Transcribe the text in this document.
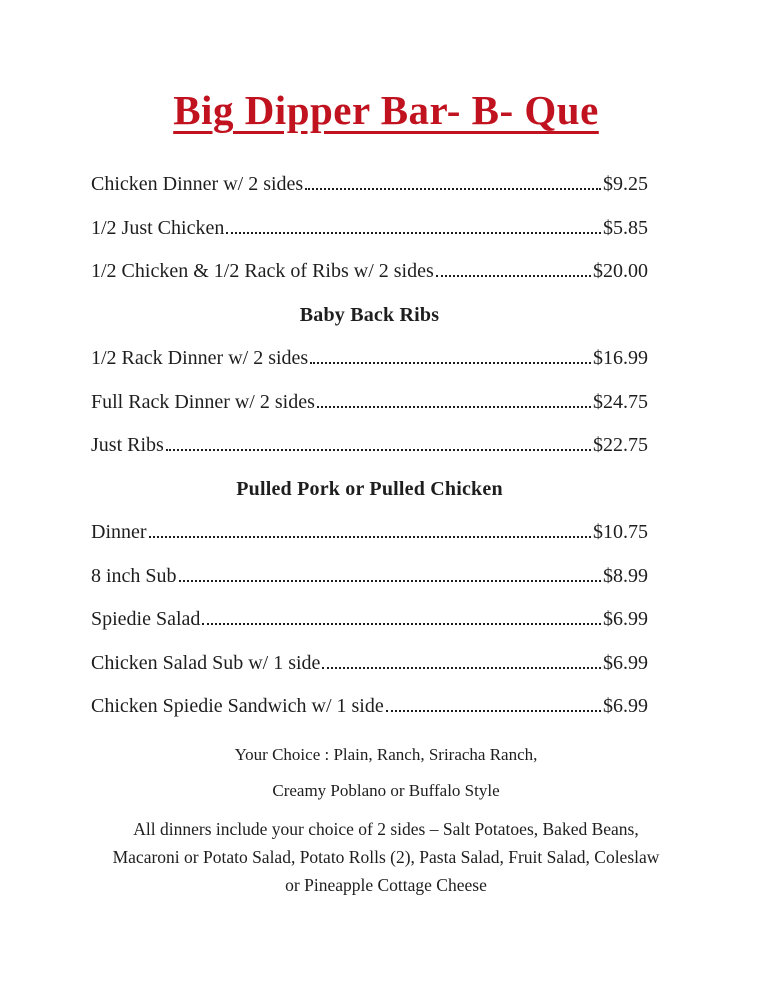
Big Dipper Bar- B- Que
Chicken Dinner w/ 2 sides	$9.25
1/2 Just Chicken	$5.85
1/2 Chicken & 1/2 Rack of Ribs w/ 2 sides	$20.00
Baby Back Ribs
1/2 Rack Dinner w/ 2 sides	$16.99
Full Rack Dinner w/ 2 sides	$24.75
Just Ribs	$22.75
Pulled Pork or Pulled Chicken
Dinner	$10.75
8 inch Sub	$8.99
Spiedie Salad	$6.99
Chicken Salad Sub w/ 1 side	$6.99
Chicken Spiedie Sandwich w/ 1 side	$6.99
Your Choice : Plain, Ranch, Sriracha Ranch,
Creamy Poblano or Buffalo Style
All dinners include your choice of 2 sides – Salt Potatoes, Baked Beans,
Macaroni or Potato Salad, Potato Rolls (2), Pasta Salad, Fruit Salad, Coleslaw
or Pineapple Cottage Cheese
